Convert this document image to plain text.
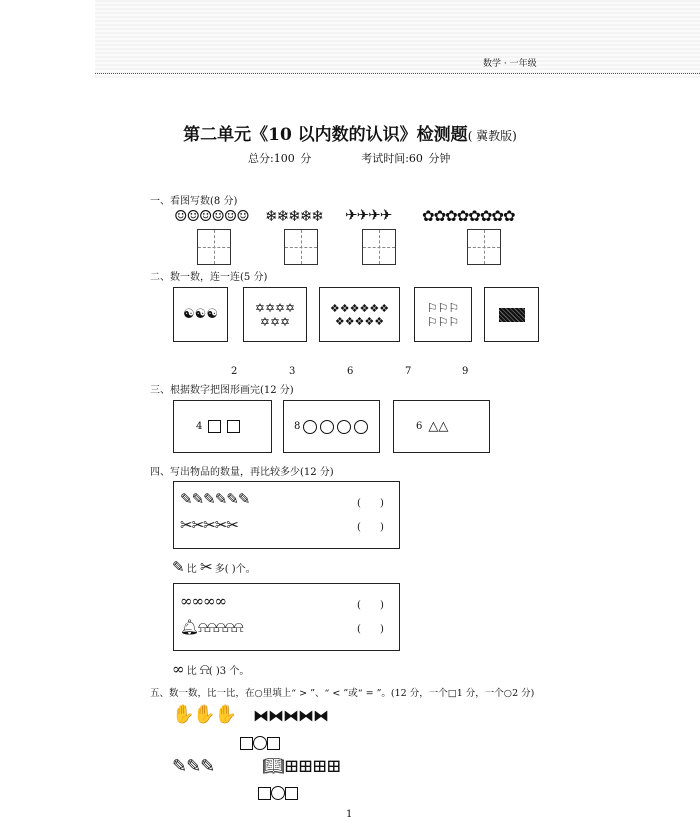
数学 · 一年级
第二单元《10 以内数的认识》检测题( 冀教版)
总分:100 分	考试时间:60 分钟
一、看图写数(8 分)
☺☺☺☺☺☺ ❄❄❄❄❄ ✈✈✈✈ ✿✿✿✿✿✿✿✿
二、数一数，连一连(5 分)
☯☯☯	✡✡✡✡
✡✡✡
❖❖❖❖❖❖
❖❖❖❖❖
⚐⚐⚐
⚐⚐⚐
2	3	6	7	9
三、根据数字把图形画完(12 分)
4	8	6 △△
四、写出物品的数量，再比较多少(12 分)
✎✎✎✎✎✎
✂✂✂✂✂
(      )
(      )
✎ 比 ✂ 多( )个。
∞∞∞∞
🔔︎⍾⍾⍾⍾⍾
(      )
(      )
∞ 比 ⍾( )3 个。
五、数一数，比一比，在○里填上“ > ”、“ < ”或“ = ”。(12 分，一个□1 分，一个○2 分)
✋✋✋ ⧓⧓⧓⧓⧓
✎✎✎	📖︎⊞⊞⊞⊞
1
